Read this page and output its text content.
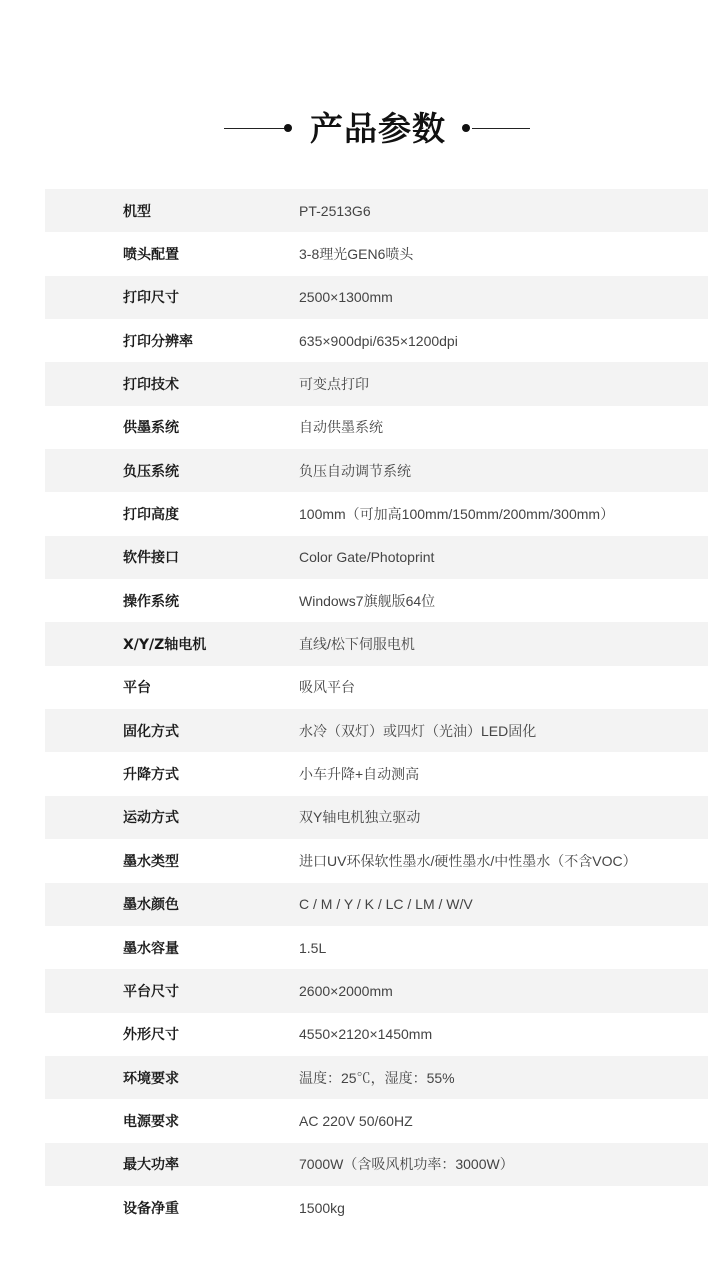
产品参数
机型	PT-2513G6
喷头配置	3-8理光GEN6喷头
打印尺寸	2500×1300mm
打印分辨率	635×900dpi/635×1200dpi
打印技术	可变点打印
供墨系统	自动供墨系统
负压系统	负压自动调节系统
打印高度	100mm（可加高100mm/150mm/200mm/300mm）
软件接口	Color Gate/Photoprint
操作系统	Windows7旗舰版64位
X/Y/Z轴电机	直线/松下伺服电机
平台	吸风平台
固化方式	水冷（双灯）或四灯（光油）LED固化
升降方式	小车升降+自动测高
运动方式	双Y轴电机独立驱动
墨水类型	进口UV环保软性墨水/硬性墨水/中性墨水（不含VOC）
墨水颜色	C / M / Y / K / LC / LM / W/V
墨水容量	1.5L
平台尺寸	2600×2000mm
外形尺寸	4550×2120×1450mm
环境要求	温度：25℃，湿度：55%
电源要求	AC 220V 50/60HZ
最大功率	7000W（含吸风机功率：3000W）
设备净重	1500kg
